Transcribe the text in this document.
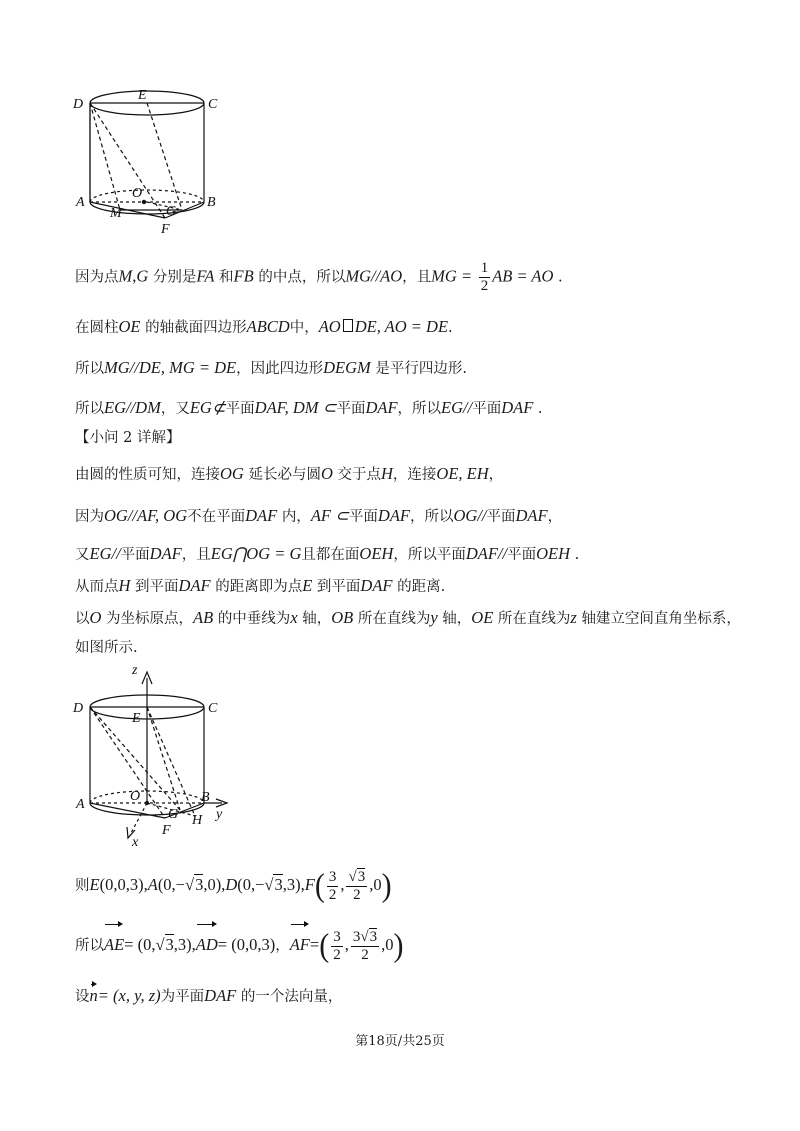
D
E
C
A
O
B
M	G
F
因为点M,G 分别是FA 和FB 的中点，所以MG//AO，且MG = $\frac{1}{2}$ AB = AO .
在圆柱OE 的轴截面四边形ABCD中，AO DE, AO = DE.
所以MG//DE, MG = DE，因此四边形DEGM 是平行四边形.
所以EG//DM，又EG⊄平面DAF, DM ⊂平面DAF，所以EG//平面DAF .
【小问 2 详解】
由圆的性质可知，连接OG 延长必与圆O 交于点H，连接OE, EH，
因为OG//AF, OG不在平面DAF 内，AF ⊂平面DAF，所以OG//平面DAF，
又EG//平面DAF，且EG⋂OG = G且都在面OEH，所以平面DAF//平面OEH .
从而点H 到平面DAF 的距离即为点E 到平面DAF 的距离.
以O 为坐标原点，AB 的中垂线为x 轴，OB 所在直线为y 轴，OE 所在直线为z 轴建立空间直角坐标系，
如图所示.
z
D
E
C
A
O	B
G
F
H y
x
则$E(0,0,3),A(0,-√3,0),D(0,-√3,3),F( \frac{3}{2}$ , $\frac{√3}{2} ,0$)
所以AE= (0,√3,3),AD= (0,0,3)，$AF=( \frac{3}{2}$ , $\frac{3√3}{2} ,0$)
设n= (x, y, z)为平面DAF 的一个法向量，
第18页/共25页
